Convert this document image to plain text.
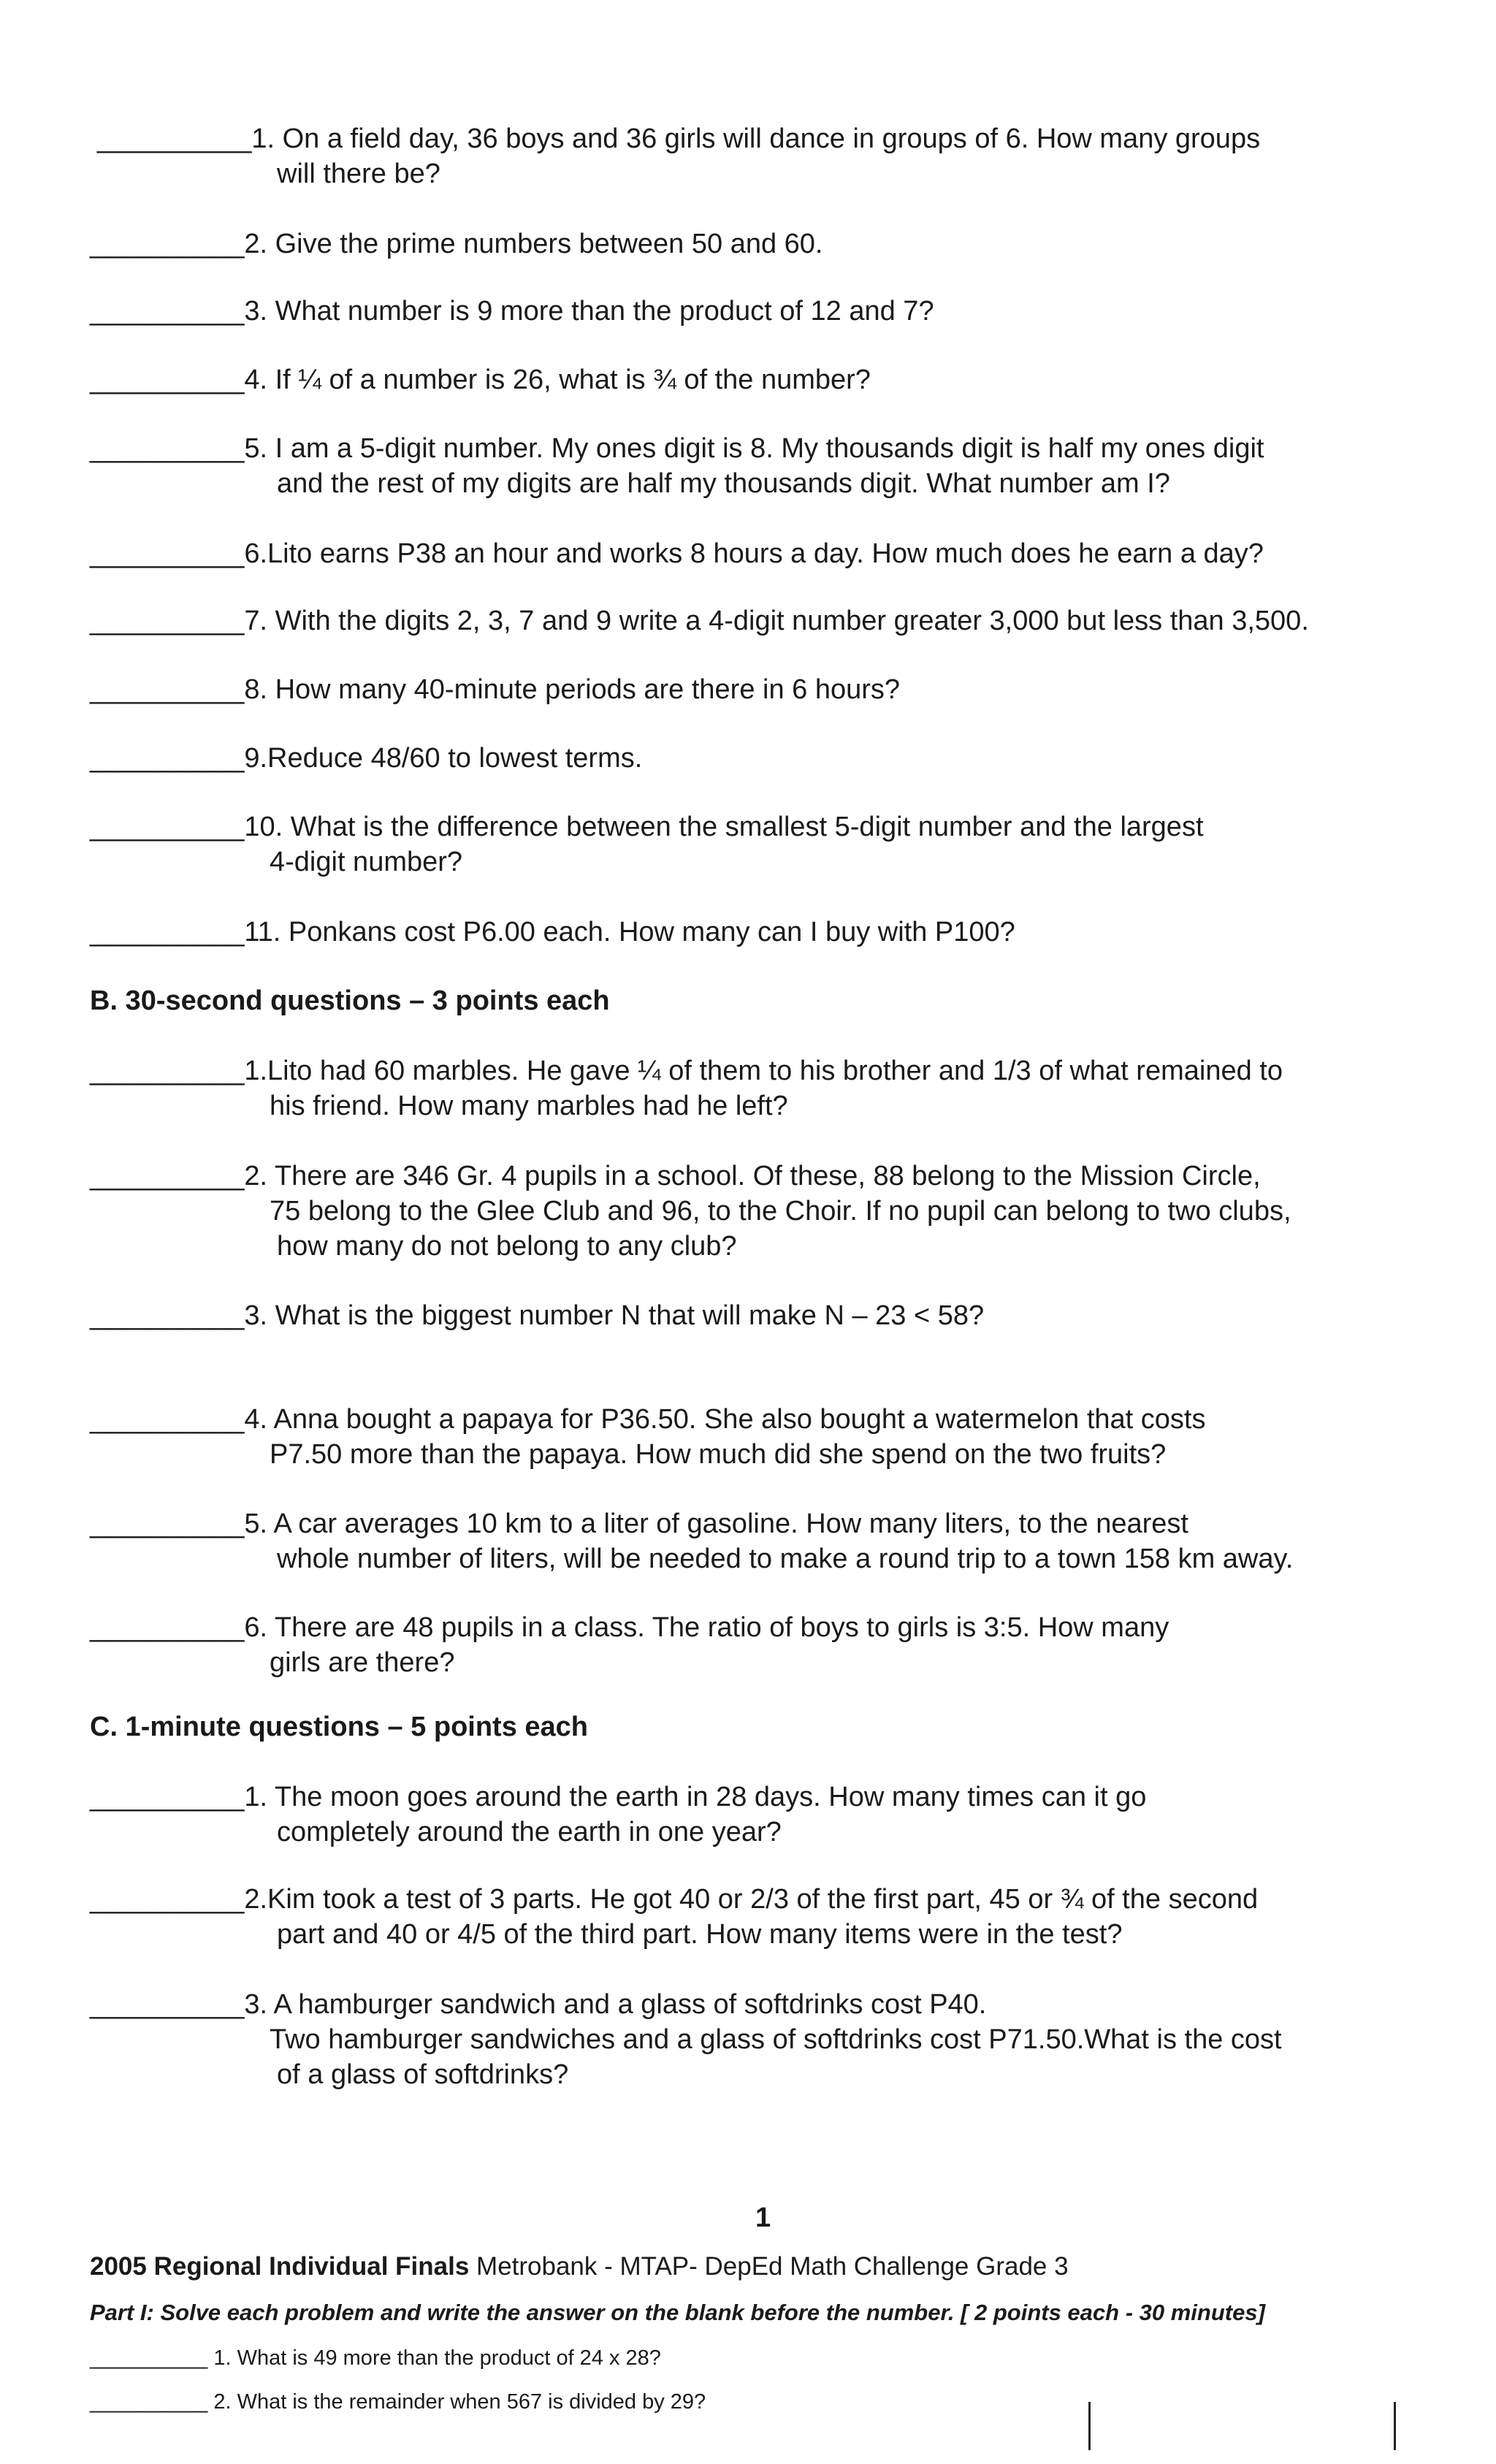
__________1. On a field day, 36 boys and 36 girls will dance in groups of 6. How many groups
will there be?
__________2. Give the prime numbers between 50 and 60.
__________3. What number is 9 more than the product of 12 and 7?
__________4. If ¼ of a number is 26, what is ¾ of the number?
__________5. I am a 5-digit number. My ones digit is 8. My thousands digit is half my ones digit
and the rest of my digits are half my thousands digit. What number am I?
__________6.Lito earns P38 an hour and works 8 hours a day. How much does he earn a day?
__________7. With the digits 2, 3, 7 and 9 write a 4-digit number greater 3,000 but less than 3,500.
__________8. How many 40-minute periods are there in 6 hours?
__________9.Reduce 48/60 to lowest terms.
__________10. What is the difference between the smallest 5-digit number and the largest
4-digit number?
__________11. Ponkans cost P6.00 each. How many can I buy with P100?
B. 30-second questions – 3 points each
__________1.Lito had 60 marbles. He gave ¼ of them to his brother and 1/3 of what remained to
his friend. How many marbles had he left?
__________2. There are 346 Gr. 4 pupils in a school. Of these, 88 belong to the Mission Circle,
75 belong to the Glee Club and 96, to the Choir. If no pupil can belong to two clubs,
how many do not belong to any club?
__________3. What is the biggest number N that will make N – 23 < 58?
__________4. Anna bought a papaya for P36.50. She also bought a watermelon that costs
P7.50 more than the papaya. How much did she spend on the two fruits?
__________5. A car averages 10 km to a liter of gasoline. How many liters, to the nearest
whole number of liters, will be needed to make a round trip to a town 158 km away.
__________6. There are 48 pupils in a class. The ratio of boys to girls is 3:5. How many
girls are there?
C. 1-minute questions – 5 points each
__________1. The moon goes around the earth in 28 days. How many times can it go
completely around the earth in one year?
__________2.Kim took a test of 3 parts. He got 40 or 2/3 of the first part, 45 or ¾ of the second
part and 40 or 4/5 of the third part. How many items were in the test?
__________3. A hamburger sandwich and a glass of softdrinks cost P40.
Two hamburger sandwiches and a glass of softdrinks cost P71.50.What is the cost
of a glass of softdrinks?
1
2005 Regional Individual Finals Metrobank - MTAP- DepEd Math Challenge Grade 3
Part I: Solve each problem and write the answer on the blank before the number. [ 2 points each - 30 minutes]
__________ 1. What is 49 more than the product of 24 x 28?
__________ 2. What is the remainder when 567 is divided by 29?
